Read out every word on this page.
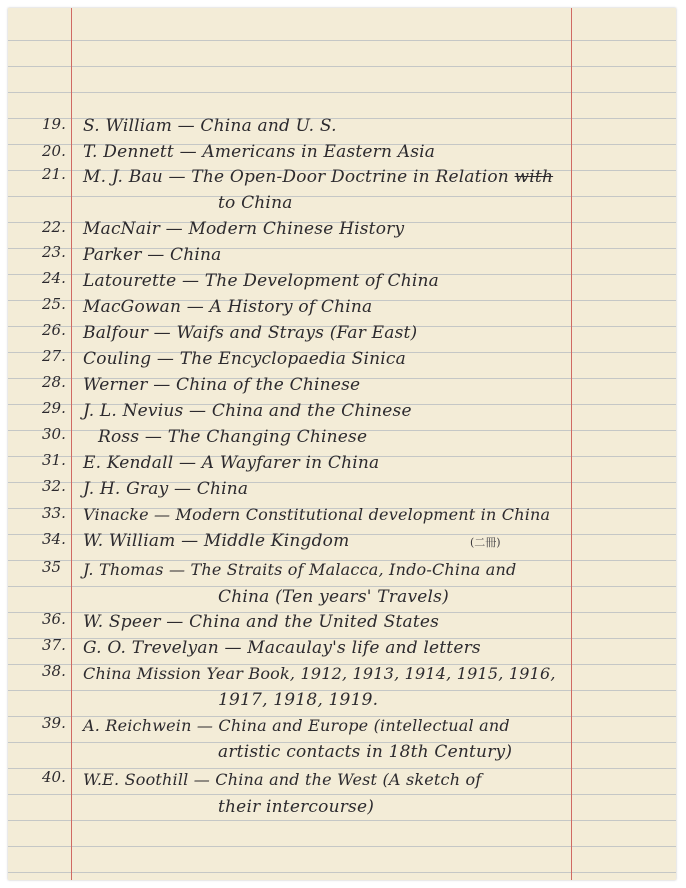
19.	S. William — China and U. S.
20.	T. Dennett — Americans in Eastern Asia
21.	M. J. Bau — The Open-Door Doctrine in Relation with
to China
22.	MacNair — Modern Chinese History
23.	Parker — China
24.	Latourette — The Development of China
25.	MacGowan — A History of China
26.	Balfour — Waifs and Strays (Far East)
27.	Couling — The Encyclopaedia Sinica
28.	Werner — China of the Chinese
29.	J. L. Nevius — China and the Chinese
30.	Ross — The Changing Chinese
31.	E. Kendall — A Wayfarer in China
32.	J. H. Gray — China
33.	Vinacke — Modern Constitutional development in China
34.	W. William — Middle Kingdom	(二冊)
35	J. Thomas — The Straits of Malacca, Indo-China and
China (Ten years' Travels)
36.	W. Speer — China and the United States
37.	G. O. Trevelyan — Macaulay's life and letters
38.	China Mission Year Book, 1912, 1913, 1914, 1915, 1916,
1917, 1918, 1919.
39.	A. Reichwein — China and Europe (intellectual and
artistic contacts in 18th Century)
40.	W.E. Soothill — China and the West (A sketch of
their intercourse)
